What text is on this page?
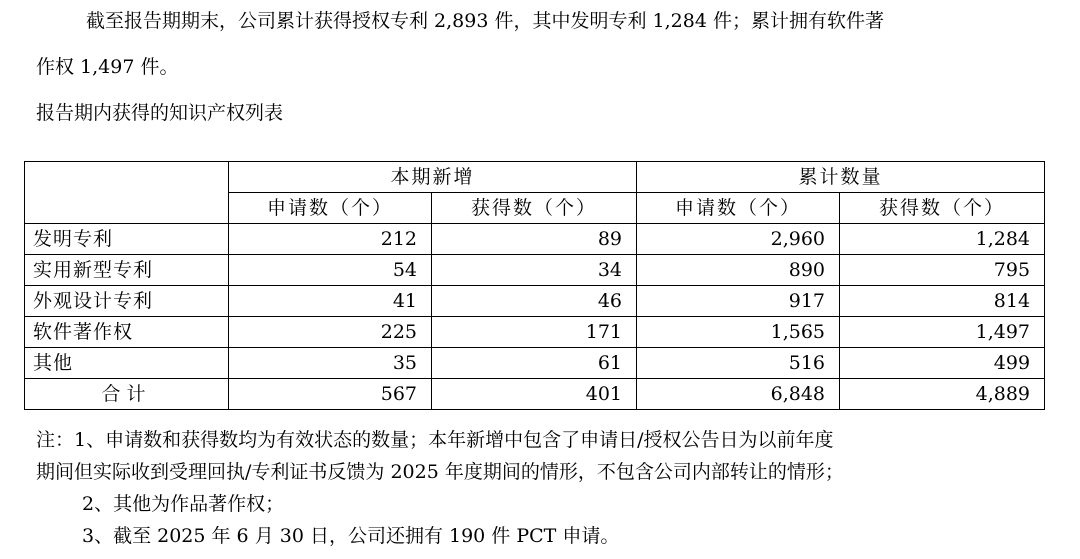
截至报告期期末，公司累计获得授权专利 2,893 件，其中发明专利 1,284 件；累计拥有软件著

作权 1,497 件。

报告期内获得的知识产权列表

	本期新增		累计数量	
	申请数（个）	获得数（个）	申请数（个）	获得数（个）
发明专利	212	89	2,960	1,284
实用新型专利	54	34	890	795
外观设计专利	41	46	917	814
软件著作权	225	171	1,565	1,497
其他	35	61	516	499
合计	567	401	6,848	4,889
注：1、申请数和获得数均为有效状态的数量；本年新增中包含了申请日/授权公告日为以前年度
期间但实际收到受理回执/专利证书反馈为 2025 年度期间的情形，不包含公司内部转让的情形；
2、其他为作品著作权；
3、截至 2025 年 6 月 30 日，公司还拥有 190 件 PCT 申请。
